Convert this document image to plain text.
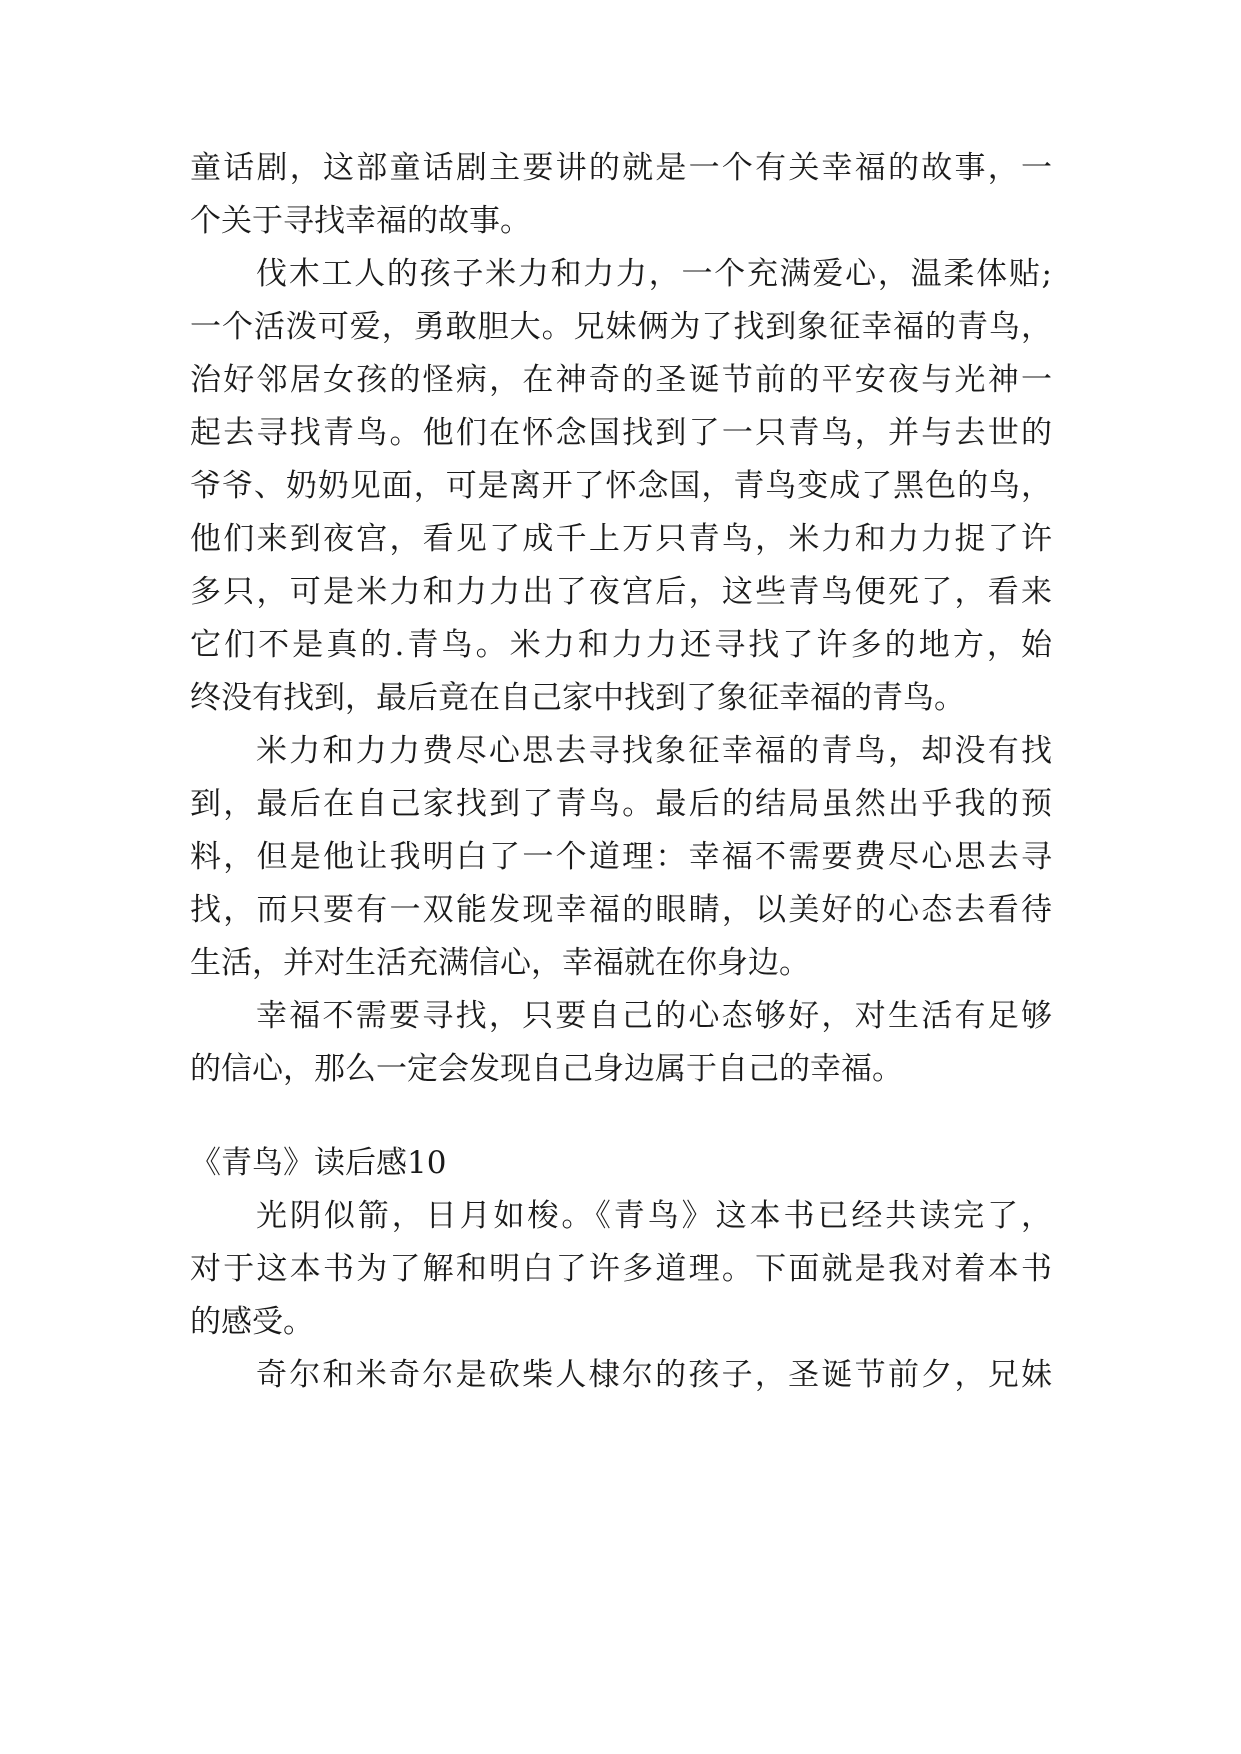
童话剧，这部童话剧主要讲的就是一个有关幸福的故事，一
个关于寻找幸福的故事。
伐木工人的孩子米力和力力，一个充满爱心，温柔体贴;
一个活泼可爱，勇敢胆大。兄妹俩为了找到象征幸福的青鸟，
治好邻居女孩的怪病，在神奇的圣诞节前的平安夜与光神一
起去寻找青鸟。他们在怀念国找到了一只青鸟，并与去世的
爷爷、奶奶见面，可是离开了怀念国，青鸟变成了黑色的鸟，
他们来到夜宫，看见了成千上万只青鸟，米力和力力捉了许
多只，可是米力和力力出了夜宫后，这些青鸟便死了，看来
它们不是真的.青鸟。米力和力力还寻找了许多的地方，始
终没有找到，最后竟在自己家中找到了象征幸福的青鸟。
米力和力力费尽心思去寻找象征幸福的青鸟，却没有找
到，最后在自己家找到了青鸟。最后的结局虽然出乎我的预
料，但是他让我明白了一个道理：幸福不需要费尽心思去寻
找，而只要有一双能发现幸福的眼睛，以美好的心态去看待
生活，并对生活充满信心，幸福就在你身边。
幸福不需要寻找，只要自己的心态够好，对生活有足够
的信心，那么一定会发现自己身边属于自己的幸福。
《青鸟》读后感10
光阴似箭，日月如梭。《青鸟》这本书已经共读完了，
对于这本书为了解和明白了许多道理。下面就是我对着本书
的感受。
奇尔和米奇尔是砍柴人棣尔的孩子，圣诞节前夕，兄妹
